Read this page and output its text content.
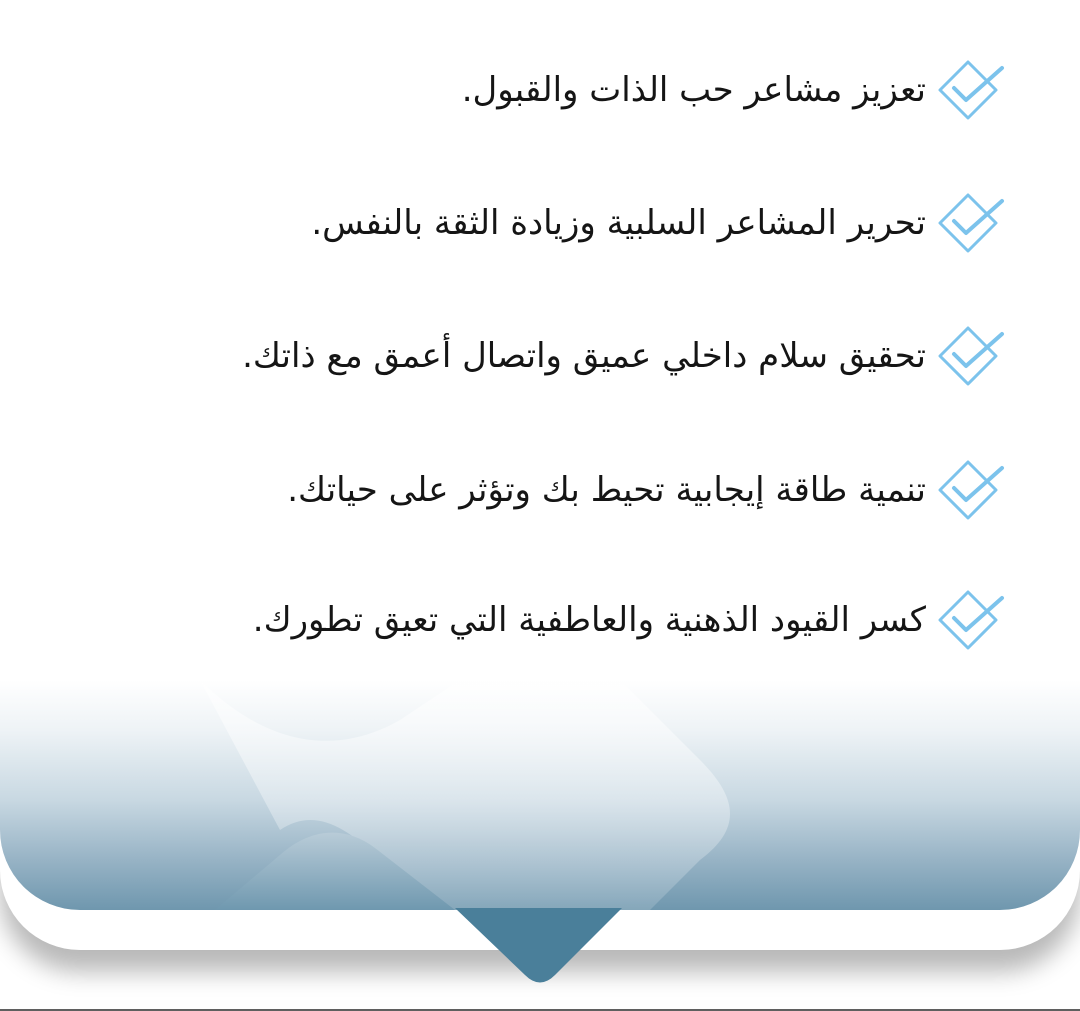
تعزيز مشاعر حب الذات والقبول.
تحرير المشاعر السلبية وزيادة الثقة بالنفس.
تحقيق سلام داخلي عميق واتصال أعمق مع ذاتك.
تنمية طاقة إيجابية تحيط بك وتؤثر على حياتك.
كسر القيود الذهنية والعاطفية التي تعيق تطورك.
